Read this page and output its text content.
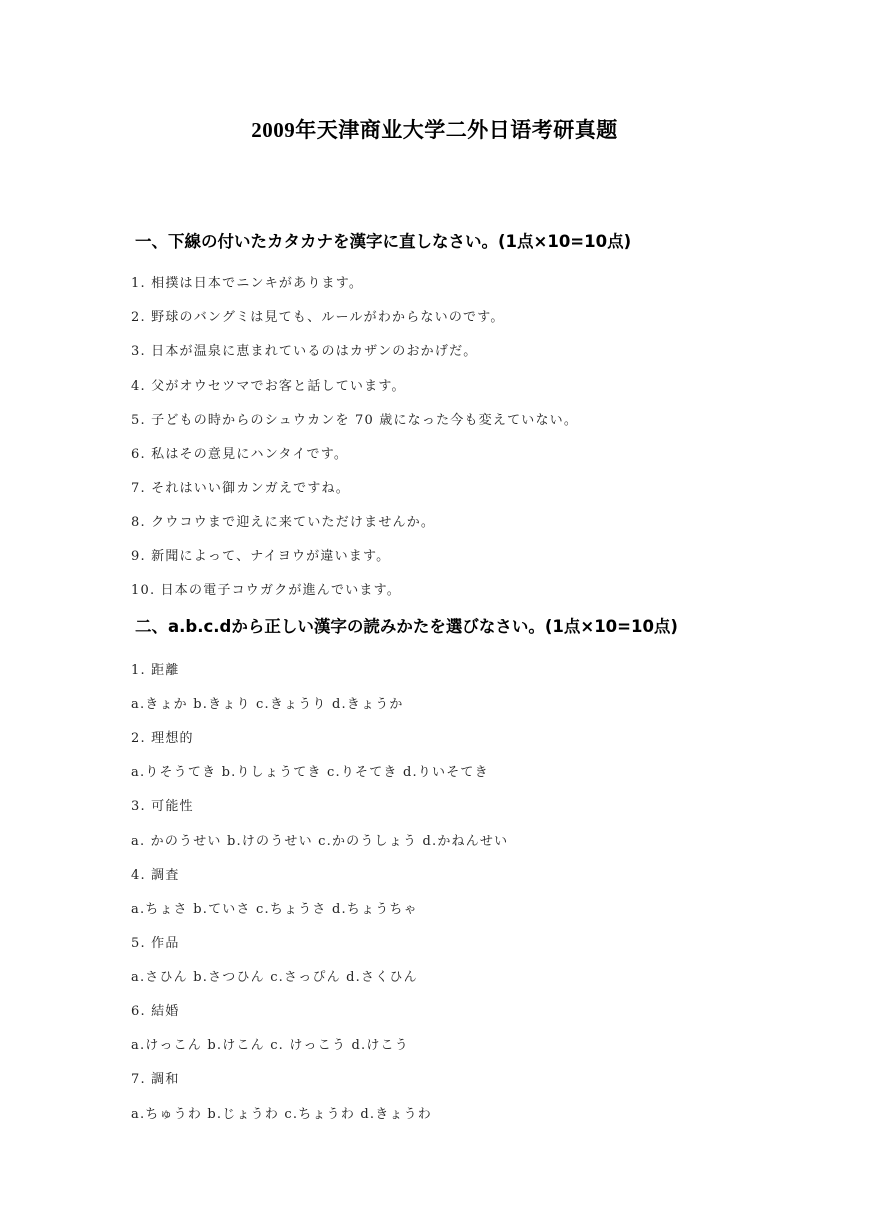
2009年天津商业大学二外日语考研真题
一、下線の付いたカタカナを漢字に直しなさい。(1点×10=10点)
1. 相撲は日本でニンキがあります。
2. 野球のバングミは見ても、ルールがわからないのです。
3. 日本が温泉に恵まれているのはカザンのおかげだ。
4. 父がオウセツマでお客と話しています。
5. 子どもの時からのシュウカンを 70 歳になった今も変えていない。
6. 私はその意見にハンタイです。
7. それはいい御カンガえですね。
8. クウコウまで迎えに来ていただけませんか。
9. 新聞によって、ナイヨウが違います。
10. 日本の電子コウガクが進んでいます。
二、a.b.c.dから正しい漢字の読みかたを選びなさい。(1点×10=10点)
1. 距離
a.きょか b.きょり c.きょうり d.きょうか
2. 理想的
a.りそうてき b.りしょうてき c.りそてき d.りいそてき
3. 可能性
a. かのうせい b.けのうせい c.かのうしょう d.かねんせい
4. 調査
a.ちょさ b.ていさ c.ちょうさ d.ちょうちゃ
5. 作品
a.さひん b.さつひん c.さっぴん d.さくひん
6. 結婚
a.けっこん b.けこん c. けっこう d.けこう
7. 調和
a.ちゅうわ b.じょうわ c.ちょうわ d.きょうわ
